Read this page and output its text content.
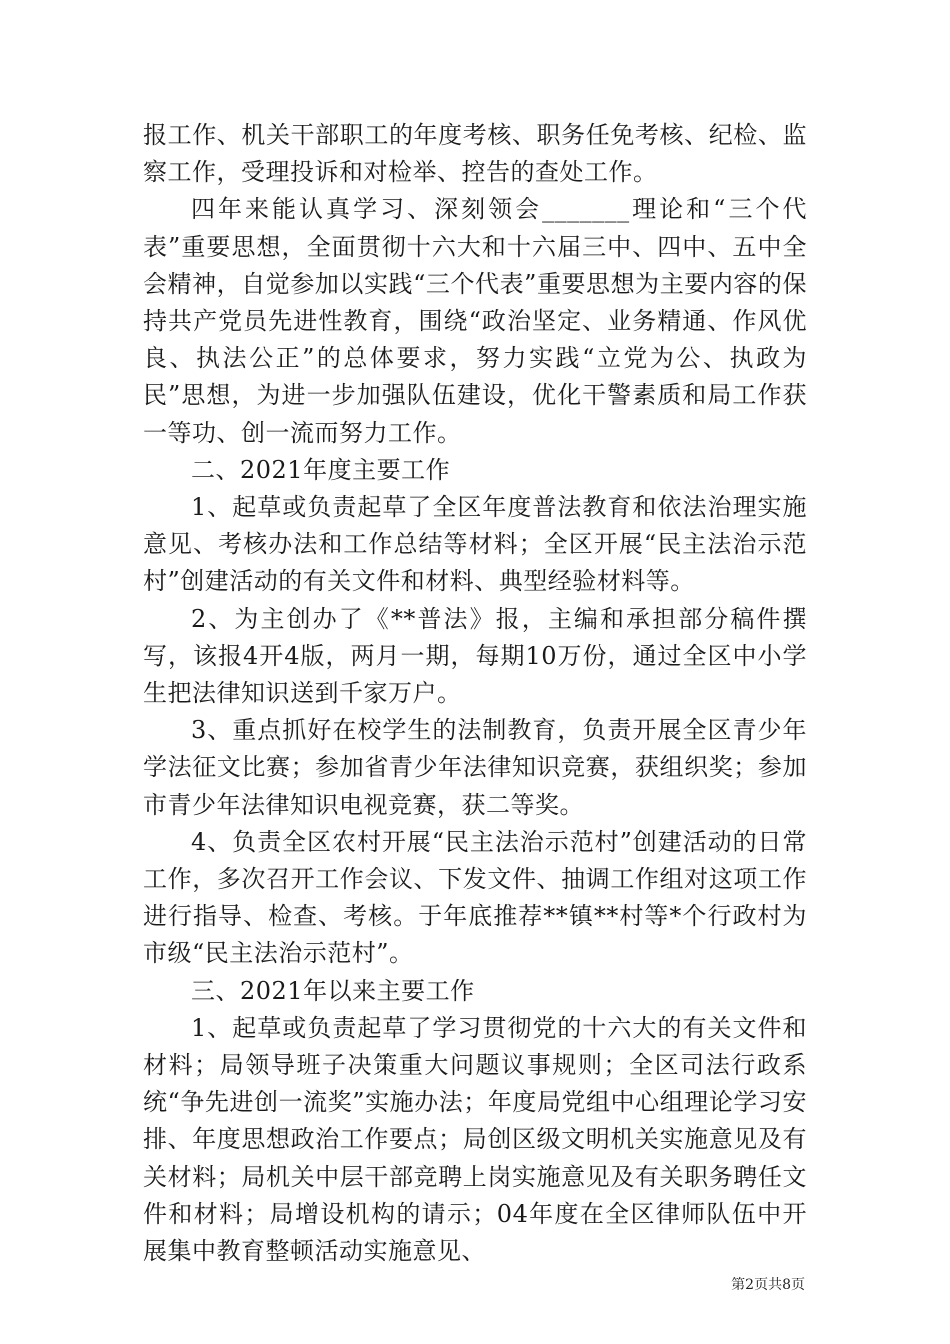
报工作、机关干部职工的年度考核、职务任免考核、纪检、监察工作，受理投诉和对检举、控告的查处工作。

四年来能认真学习、深刻领会_______理论和“三个代表”重要思想，全面贯彻十六大和十六届三中、四中、五中全会精神，自觉参加以实践“三个代表”重要思想为主要内容的保持共产党员先进性教育，围绕“政治坚定、业务精通、作风优良、执法公正”的总体要求，努力实践“立党为公、执政为民”思想，为进一步加强队伍建设，优化干警素质和局工作获一等功、创一流而努力工作。

二、2021年度主要工作

1、起草或负责起草了全区年度普法教育和依法治理实施意见、考核办法和工作总结等材料；全区开展“民主法治示范村”创建活动的有关文件和材料、典型经验材料等。

2、为主创办了《**普法》报，主编和承担部分稿件撰写，该报4开4版，两月一期，每期10万份，通过全区中小学生把法律知识送到千家万户。

3、重点抓好在校学生的法制教育，负责开展全区青少年学法征文比赛；参加省青少年法律知识竞赛，获组织奖；参加市青少年法律知识电视竞赛，获二等奖。

4、负责全区农村开展“民主法治示范村”创建活动的日常工作，多次召开工作会议、下发文件、抽调工作组对这项工作进行指导、检查、考核。于年底推荐**镇**村等*个行政村为市级“民主法治示范村”。

三、2021年以来主要工作

1、起草或负责起草了学习贯彻党的十六大的有关文件和材料；局领导班子决策重大问题议事规则；全区司法行政系统“争先进创一流奖”实施办法；年度局党组中心组理论学习安排、年度思想政治工作要点；局创区级文明机关实施意见及有关材料；局机关中层干部竞聘上岗实施意见及有关职务聘任文件和材料；局增设机构的请示；04年度在全区律师队伍中开展集中教育整顿活动实施意见、

第2页共8页
